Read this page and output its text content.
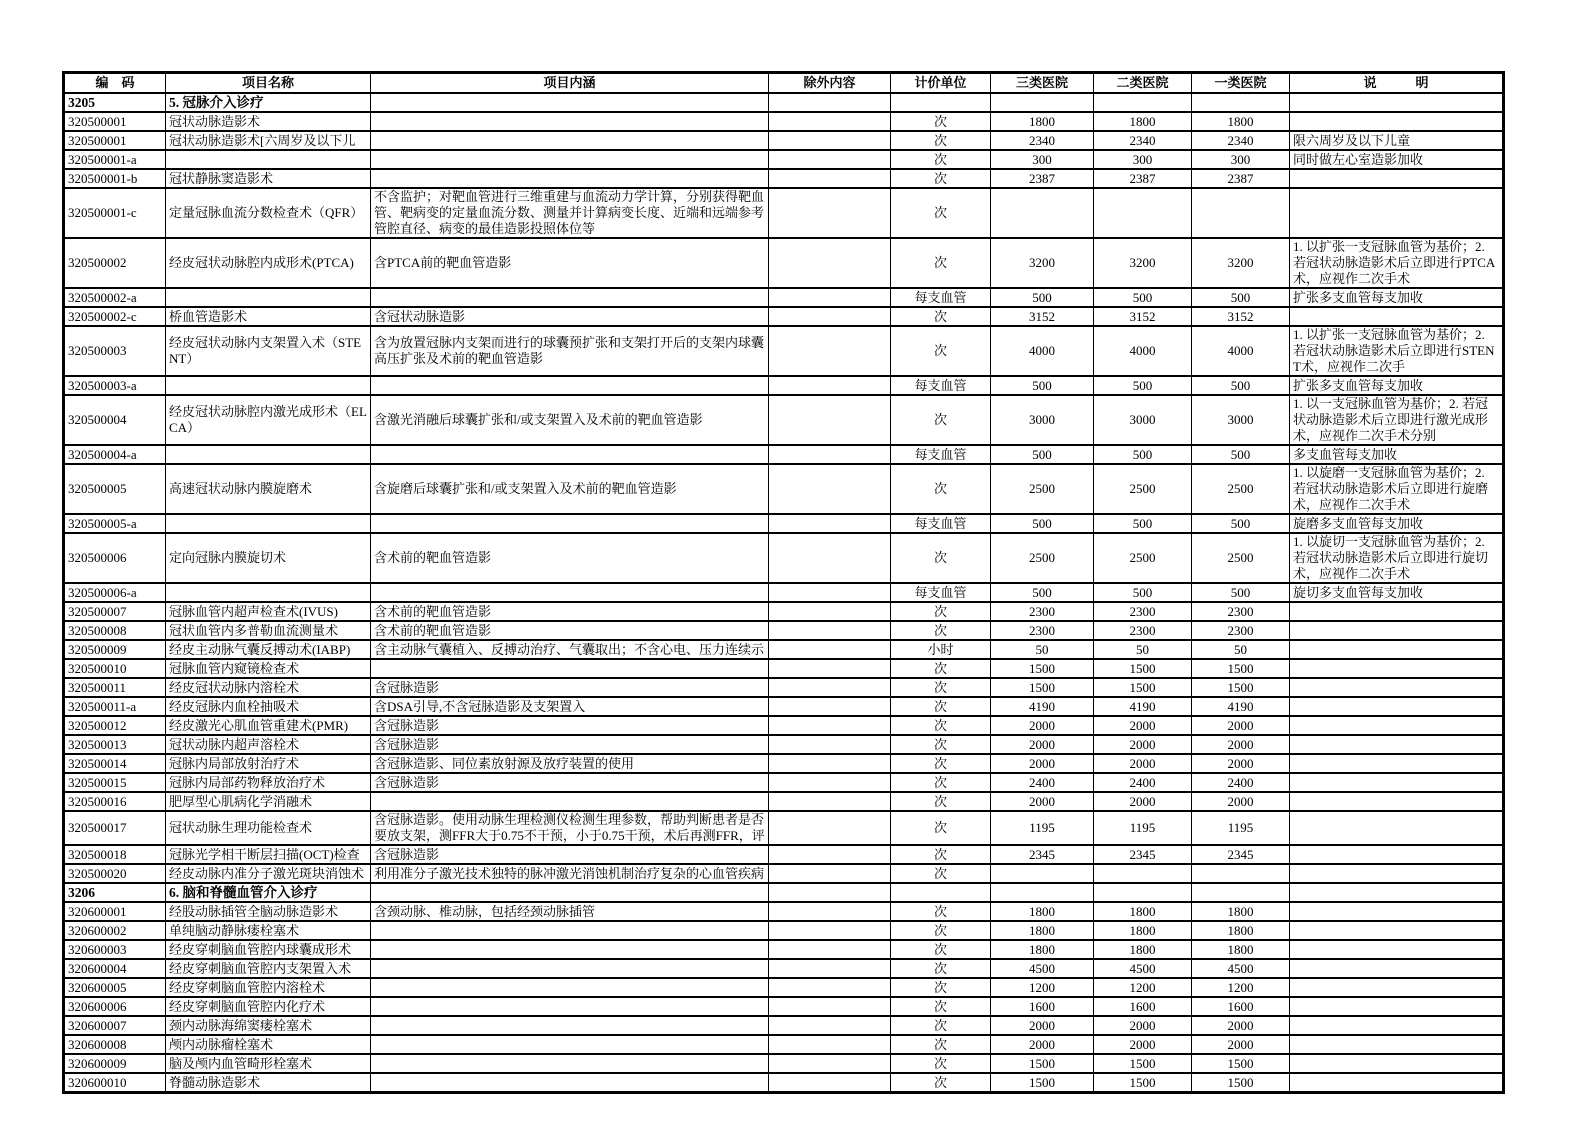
编　码	项目名称	项目内涵	除外内容	计价单位	三类医院	二类医院	一类医院	说　　　明
3205	5. 冠脉介入诊疗							
320500001	冠状动脉造影术			次	1800	1800	1800	
320500001	冠状动脉造影术[六周岁及以下儿			次	2340	2340	2340	限六周岁及以下儿童
320500001-a				次	300	300	300	同时做左心室造影加收
320500001-b	冠状静脉窦造影术			次	2387	2387	2387	
320500001-c	定量冠脉血流分数检查术（QFR）	不含监护；对靶血管进行三维重建与血流动力学计算，分别获得靶血管、靶病变的定量血流分数、测量并计算病变长度、近端和远端参考管腔直径、病变的最佳造影投照体位等		次				
320500002	经皮冠状动脉腔内成形术(PTCA)	含PTCA前的靶血管造影		次	3200	3200	3200	1. 以扩张一支冠脉血管为基价；2. 若冠状动脉造影术后立即进行PTCA术，应视作二次手术
320500002-a				每支血管	500	500	500	扩张多支血管每支加收
320500002-c	桥血管造影术	含冠状动脉造影		次	3152	3152	3152	
320500003	经皮冠状动脉内支架置入术（STENT）	含为放置冠脉内支架而进行的球囊预扩张和支架打开后的支架内球囊高压扩张及术前的靶血管造影		次	4000	4000	4000	1. 以扩张一支冠脉血管为基价；2. 若冠状动脉造影术后立即进行STENT术，应视作二次手
320500003-a				每支血管	500	500	500	扩张多支血管每支加收
320500004	经皮冠状动脉腔内激光成形术（ELCA）	含激光消融后球囊扩张和/或支架置入及术前的靶血管造影		次	3000	3000	3000	1. 以一支冠脉血管为基价；2. 若冠状动脉造影术后立即进行激光成形术，应视作二次手术分别
320500004-a				每支血管	500	500	500	多支血管每支加收
320500005	高速冠状动脉内膜旋磨术	含旋磨后球囊扩张和/或支架置入及术前的靶血管造影		次	2500	2500	2500	1. 以旋磨一支冠脉血管为基价；2. 若冠状动脉造影术后立即进行旋磨术，应视作二次手术
320500005-a				每支血管	500	500	500	旋磨多支血管每支加收
320500006	定向冠脉内膜旋切术	含术前的靶血管造影		次	2500	2500	2500	1. 以旋切一支冠脉血管为基价；2. 若冠状动脉造影术后立即进行旋切术，应视作二次手术
320500006-a				每支血管	500	500	500	旋切多支血管每支加收
320500007	冠脉血管内超声检查术(IVUS)	含术前的靶血管造影		次	2300	2300	2300	
320500008	冠状血管内多普勒血流测量术	含术前的靶血管造影		次	2300	2300	2300	
320500009	经皮主动脉气囊反搏动术(IABP)	含主动脉气囊植入、反搏动治疗、气囊取出；不含心电、压力连续示		小时	50	50	50	
320500010	冠脉血管内窥镜检查术			次	1500	1500	1500	
320500011	经皮冠状动脉内溶栓术	含冠脉造影		次	1500	1500	1500	
320500011-a	经皮冠脉内血栓抽吸术	含DSA引导,不含冠脉造影及支架置入		次	4190	4190	4190	
320500012	经皮激光心肌血管重建术(PMR)	含冠脉造影		次	2000	2000	2000	
320500013	冠状动脉内超声溶栓术	含冠脉造影		次	2000	2000	2000	
320500014	冠脉内局部放射治疗术	含冠脉造影、同位素放射源及放疗装置的使用		次	2000	2000	2000	
320500015	冠脉内局部药物释放治疗术	含冠脉造影		次	2400	2400	2400	
320500016	肥厚型心肌病化学消融术			次	2000	2000	2000	
320500017	冠状动脉生理功能检查术	含冠脉造影。使用动脉生理检测仪检测生理参数，帮助判断患者是否要放支架，测FFR大于0.75不干预，小于0.75干预，术后再测FFR，评		次	1195	1195	1195	
320500018	冠脉光学相干断层扫描(OCT)检查	含冠脉造影		次	2345	2345	2345	
320500020	经皮动脉内准分子激光斑块消蚀术	利用准分子激光技术独特的脉冲激光消蚀机制治疗复杂的心血管疾病		次				
3206	6. 脑和脊髓血管介入诊疗							
320600001	经股动脉插管全脑动脉造影术	含颈动脉、椎动脉，包括经颈动脉插管		次	1800	1800	1800	
320600002	单纯脑动静脉瘘栓塞术			次	1800	1800	1800	
320600003	经皮穿刺脑血管腔内球囊成形术			次	1800	1800	1800	
320600004	经皮穿刺脑血管腔内支架置入术			次	4500	4500	4500	
320600005	经皮穿刺脑血管腔内溶栓术			次	1200	1200	1200	
320600006	经皮穿刺脑血管腔内化疗术			次	1600	1600	1600	
320600007	颈内动脉海绵窦瘘栓塞术			次	2000	2000	2000	
320600008	颅内动脉瘤栓塞术			次	2000	2000	2000	
320600009	脑及颅内血管畸形栓塞术			次	1500	1500	1500	
320600010	脊髓动脉造影术			次	1500	1500	1500	
